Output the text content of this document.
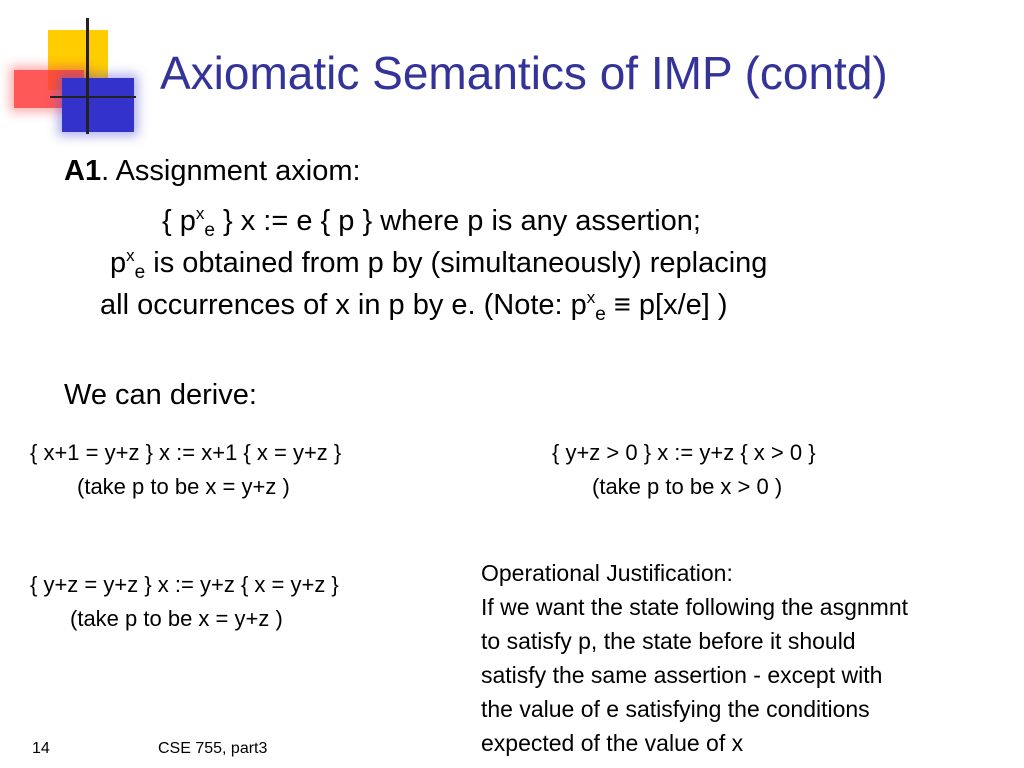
Axiomatic Semantics of IMP (contd)
A1. Assignment axiom:
{ $p^x_e$ } x := e { p } where p is any assertion;
$p^x_e$ is obtained from p by (simultaneously) replacing
all occurrences of x in p by e. (Note: $p^x_e \equiv p[x/e]$ )
We can derive:
{ x+1 = y+z } x := x+1 { x = y+z }
(take p to be x = y+z )
{ y+z > 0 } x := y+z { x > 0 }
(take p to be x > 0 )
{ y+z = y+z } x := y+z { x = y+z }
(take p to be x = y+z )
Operational Justification:
If we want the state following the asgnmnt
to satisfy p, the state before it should
satisfy the same assertion - except with
the value of e satisfying the conditions
expected of the value of x
14	CSE 755, part3
